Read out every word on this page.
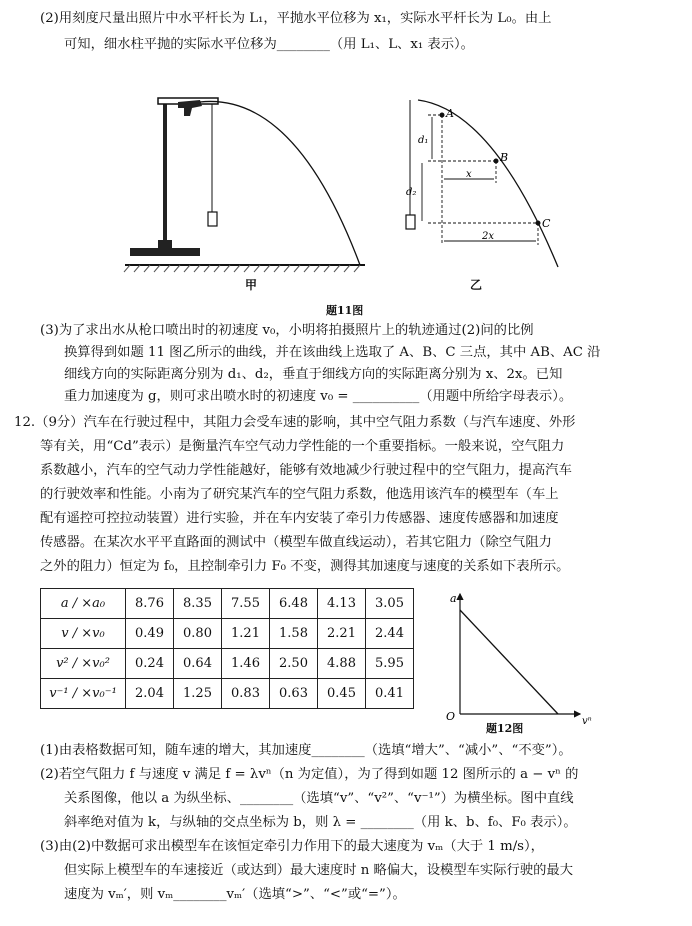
(2)用刻度尺量出照片中水平杆长为 L₁，平抛水平位移为 x₁，实际水平杆长为 L₀。由上
可知，细水柱平抛的实际水平位移为________（用 L₁、L、x₁ 表示）。
甲
A
B
C
d₁
d₂
x
2x
乙
题11图
(3)为了求出水从枪口喷出时的初速度 v₀，小明将拍摄照片上的轨迹通过(2)问的比例
换算得到如题 11 图乙所示的曲线，并在该曲线上选取了 A、B、C 三点，其中 AB、AC 沿
细线方向的实际距离分别为 d₁、d₂，垂直于细线方向的实际距离分别为 x、2x。已知
重力加速度为 g，则可求出喷水时的初速度 v₀ = __________（用题中所给字母表示）。
12.（9分）汽车在行驶过程中，其阻力会受车速的影响，其中空气阻力系数（与汽车速度、外形
等有关，用“Cd”表示）是衡量汽车空气动力学性能的一个重要指标。一般来说，空气阻力
系数越小，汽车的空气动力学性能越好，能够有效地减少行驶过程中的空气阻力，提高汽车
的行驶效率和性能。小南为了研究某汽车的空气阻力系数，他选用该汽车的模型车（车上
配有遥控可控拉动装置）进行实验，并在车内安装了牵引力传感器、速度传感器和加速度
传感器。在某次水平平直路面的测试中（模型车做直线运动），若其它阻力（除空气阻力
之外的阻力）恒定为 f₀，且控制牵引力 F₀ 不变，测得其加速度与速度的关系如下表所示。
a / ×a₀	8.76	8.35	7.55	6.48	4.13	3.05
v / ×v₀	0.49	0.80	1.21	1.58	2.21	2.44
v² / ×v₀²	0.24	0.64	1.46	2.50	4.88	5.95
v⁻¹ / ×v₀⁻¹	2.04	1.25	0.83	0.63	0.45	0.41
a
vⁿ
O
题12图
(1)由表格数据可知，随车速的增大，其加速度________（选填“增大”、“减小”、“不变”）。
(2)若空气阻力 f 与速度 v 满足 f = λvⁿ（n 为定值），为了得到如题 12 图所示的 a − vⁿ 的
关系图像，他以 a 为纵坐标、________（选填“v”、“v²”、“v⁻¹”）为横坐标。图中直线
斜率绝对值为 k，与纵轴的交点坐标为 b，则 λ = ________（用 k、b、f₀、F₀ 表示）。
(3)由(2)中数据可求出模型车在该恒定牵引力作用下的最大速度为 vₘ（大于 1 m/s），
但实际上模型车的车速接近（或达到）最大速度时 n 略偏大，设模型车实际行驶的最大
速度为 vₘ′，则 vₘ________vₘ′（选填“>”、“<”或“=”）。
